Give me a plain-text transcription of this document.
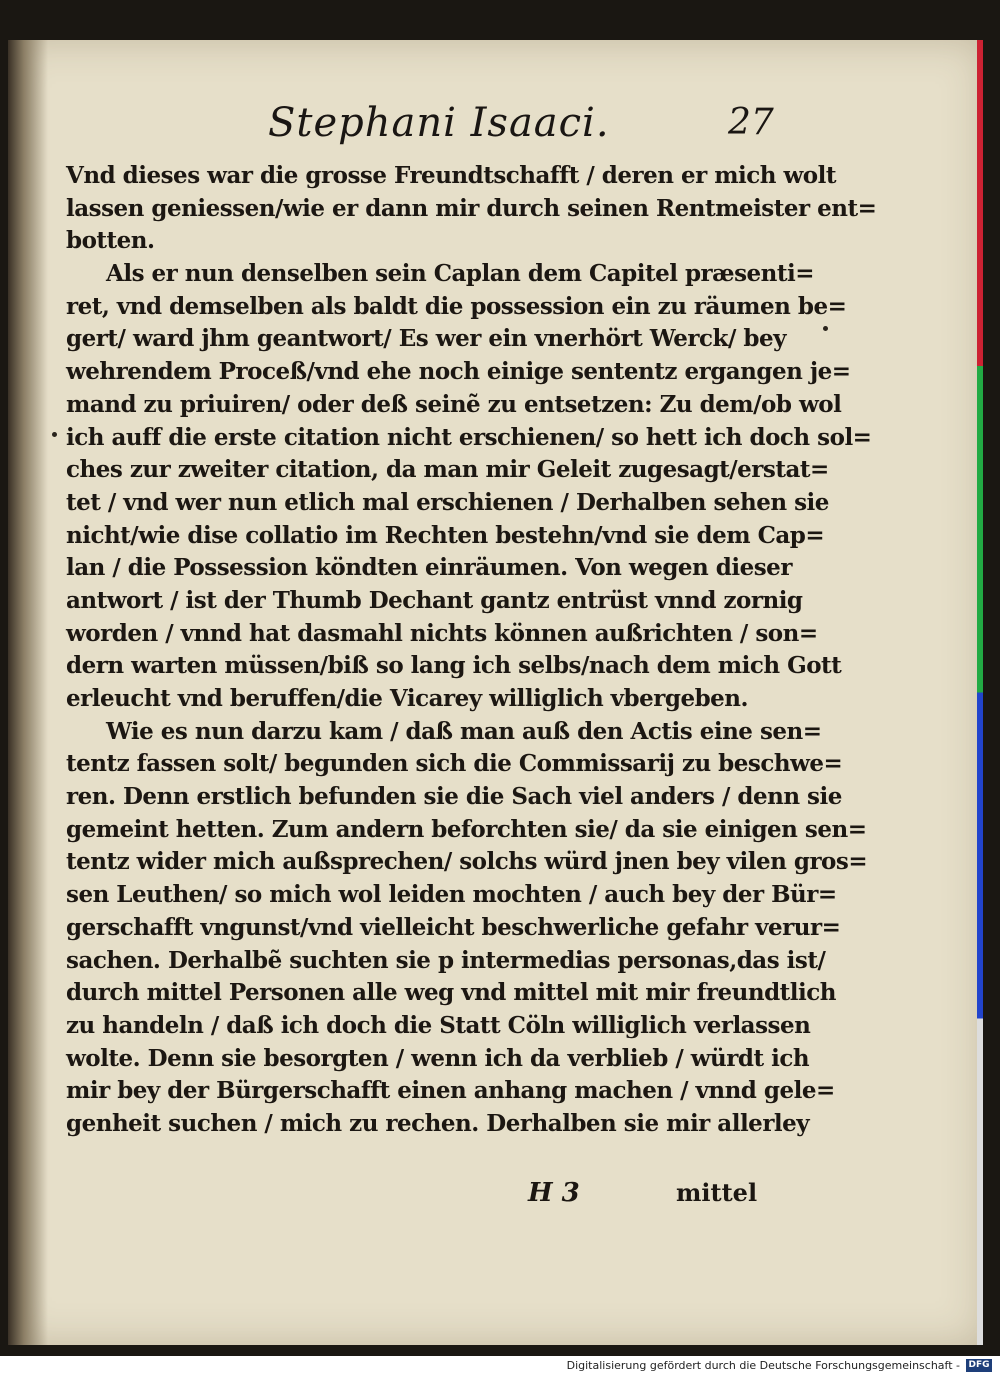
Stephani Isaaci.	27
Vnd dieses war die grosse Freundtschafft / deren er mich wolt
lassen geniessen/wie er dann mir durch seinen Rentmeister ent=
botten.
Als er nun denselben sein Caplan dem Capitel præsenti=
ret, vnd demselben als baldt die possession ein zu räumen be=
gert/ ward jhm geantwort/ Es wer ein vnerhört Werck/ bey
wehrendem Proceß/vnd ehe noch einige sententz ergangen je=
mand zu priuiren/ oder deß seinẽ zu entsetzen: Zu dem/ob wol
ich auff die erste citation nicht erschienen/ so hett ich doch sol=
ches zur zweiter citation, da man mir Geleit zugesagt/erstat=
tet / vnd wer nun etlich mal erschienen / Derhalben sehen sie
nicht/wie dise collatio im Rechten bestehn/vnd sie dem Cap=
lan / die Possession köndten einräumen. Von wegen dieser
antwort / ist der Thumb Dechant gantz entrüst vnnd zornig
worden / vnnd hat dasmahl nichts können außrichten / son=
dern warten müssen/biß so lang ich selbs/nach dem mich Gott
erleucht vnd beruffen/die Vicarey williglich vbergeben.
Wie es nun darzu kam / daß man auß den Actis eine sen=
tentz fassen solt/ begunden sich die Commissarij zu beschwe=
ren. Denn erstlich befunden sie die Sach viel anders / denn sie
gemeint hetten. Zum andern beforchten sie/ da sie einigen sen=
tentz wider mich außsprechen/ solchs würd jnen bey vilen gros=
sen Leuthen/ so mich wol leiden mochten / auch bey der Bür=
gerschafft vngunst/vnd vielleicht beschwerliche gefahr verur=
sachen. Derhalbẽ suchten sie p intermedias personas,das ist/
durch mittel Personen alle weg vnd mittel mit mir freundtlich
zu handeln / daß ich doch die Statt Cöln williglich verlassen
wolte. Denn sie besorgten / wenn ich da verblieb / würdt ich
mir bey der Bürgerschafft einen anhang machen / vnnd gele=
genheit suchen / mich zu rechen. Derhalben sie mir allerley
H 3	mittel
Digitalisierung gefördert durch die Deutsche Forschungsgemeinschaft - DFG
